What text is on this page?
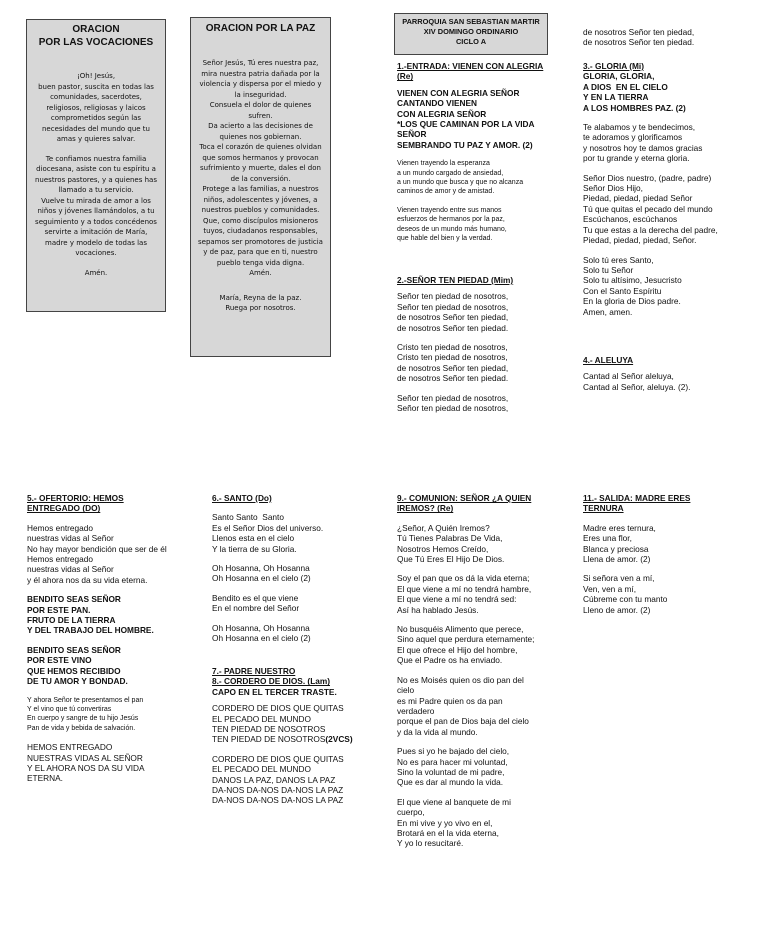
ORACION
POR LAS VOCACIONES
¡Oh! Jesús,
buen pastor, suscita en todas las
comunidades, sacerdotes,
religiosos, religiosas y laicos
comprometidos según las
necesidades del mundo que tu
amas y quieres salvar.
Te confiamos nuestra familia
diocesana, asiste con tu espíritu a
nuestros pastores, y a quienes has
llamado a tu servicio.
Vuelve tu mirada de amor a los
niños y jóvenes llamándolos, a tu
seguimiento y a todos concédenos
servirte a imitación de María,
madre y modelo de todas las
vocaciones.
Amén.
ORACION POR LA PAZ
Señor Jesús, Tú eres nuestra paz,
mira nuestra patria dañada por la
violencia y dispersa por el miedo y
la inseguridad.
Consuela el dolor de quienes
sufren.
Da acierto a las decisiones de
quienes nos gobiernan.
Toca el corazón de quienes olvidan
que somos hermanos y provocan
sufrimiento y muerte, dales el don
de la conversión.
Protege a las familias, a nuestros
niños, adolescentes y jóvenes, a
nuestros pueblos y comunidades.
Que, como discípulos misioneros
tuyos, ciudadanos responsables,
sepamos ser promotores de justicia
y de paz, para que en ti, nuestro
pueblo tenga vida digna.
Amén.
María, Reyna de la paz.
Ruega por nosotros.
PARROQUIA SAN SEBASTIAN MARTIR
XIV DOMINGO ORDINARIO
CICLO A
1.-ENTRADA: VIENEN CON ALEGRIA
(Re)
VIENEN CON ALEGRIA SEÑOR
CANTANDO VIENEN
CON ALEGRIA SEÑOR
*LOS QUE CAMINAN POR LA VIDA
SEÑOR
SEMBRANDO TU PAZ Y AMOR. (2)
Vienen trayendo la esperanza
a un mundo cargado de ansiedad,
a un mundo que busca y que no alcanza
caminos de amor y de amistad.
Vienen trayendo entre sus manos
esfuerzos de hermanos por la paz,
deseos de un mundo más humano,
que hable del bien y la verdad.
2.-SEÑOR TEN PIEDAD (Mim)
Señor ten piedad de nosotros,
Señor ten piedad de nosotros,
de nosotros Señor ten piedad,
de nosotros Señor ten piedad.
Cristo ten piedad de nosotros,
Cristo ten piedad de nosotros,
de nosotros Señor ten piedad,
de nosotros Señor ten piedad.
Señor ten piedad de nosotros,
Señor ten piedad de nosotros,
de nosotros Señor ten piedad,
de nosotros Señor ten piedad.
3.- GLORIA (Mi)
GLORIA, GLORIA,
A DIOS  EN EL CIELO
Y EN LA TIERRA
A LOS HOMBRES PAZ. (2)
Te alabamos y te bendecimos,
te adoramos y glorificamos
y nosotros hoy te damos gracias
por tu grande y eterna gloria.
Señor Dios nuestro, (padre, padre)
Señor Dios Hijo,
Piedad, piedad, piedad Señor
Tú que quitas el pecado del mundo
Escúchanos, escúchanos
Tu que estas a la derecha del padre,
Piedad, piedad, piedad, Señor.
Solo tú eres Santo,
Solo tu Señor
Solo tu altísimo, Jesucristo
Con el Santo Espíritu
En la gloria de Dios padre.
Amen, amen.
4.- ALELUYA
Cantad al Señor aleluya,
Cantad al Señor, aleluya. (2).
5.- OFERTORIO: HEMOS
ENTREGADO (DO)
Hemos entregado
nuestras vidas al Señor
No hay mayor bendición que ser de él
Hemos entregado
nuestras vidas al Señor
y él ahora nos da su vida eterna.
BENDITO SEAS SEÑOR
POR ESTE PAN.
FRUTO DE LA TIERRA
Y DEL TRABAJO DEL HOMBRE.
BENDITO SEAS SEÑOR
POR ESTE VINO
QUE HEMOS RECIBIDO
DE TU AMOR Y BONDAD.
Y ahora Señor te presentamos el pan
Y el vino que tú convertiras
En cuerpo y sangre de tu hijo Jesús
Pan de vida y bebida de salvación.
HEMOS ENTREGADO
NUESTRAS VIDAS AL SEÑOR
Y EL AHORA NOS DA SU VIDA
ETERNA.
6.- SANTO (Do)
Santo Santo  Santo
Es el Señor Dios del universo.
Llenos esta en el cielo
Y la tierra de su Gloria.
Oh Hosanna, Oh Hosanna
Oh Hosanna en el cielo (2)
Bendito es el que viene
En el nombre del Señor
Oh Hosanna, Oh Hosanna
Oh Hosanna en el cielo (2)
7.- PADRE NUESTRO
8.- CORDERO DE DIOS. (Lam)
CAPO EN EL TERCER TRASTE.
CORDERO DE DIOS QUE QUITAS
EL PECADO DEL MUNDO
TEN PIEDAD DE NOSOTROS
TEN PIEDAD DE NOSOTROS(2VCS)
CORDERO DE DIOS QUE QUITAS
EL PECADO DEL MUNDO
DANOS LA PAZ, DANOS LA PAZ
DA-NOS DA-NOS DA-NOS LA PAZ
DA-NOS DA-NOS DA-NOS LA PAZ
9.- COMUNION: SEÑOR ¿A QUIEN
IREMOS? (Re)
¿Señor, A Quién Iremos?
Tú Tienes Palabras De Vida,
Nosotros Hemos Creído,
Que Tú Eres El Hijo De Dios.
Soy el pan que os dá la vida eterna;
El que viene a mí no tendrá hambre,
El que viene a mí no tendrá sed:
Así ha hablado Jesús.
No busquéis Alimento que perece,
Sino aquel que perdura eternamente;
El que ofrece el Hijo del hombre,
Que el Padre os ha enviado.
No es Moisés quien os dio pan del
cielo
es mi Padre quien os da pan
verdadero
porque el pan de Dios baja del cielo
y da la vida al mundo.
Pues si yo he bajado del cielo,
No es para hacer mi voluntad,
Sino la voluntad de mi padre,
Que es dar al mundo la vida.
El que viene al banquete de mi
cuerpo,
En mi vive y yo vivo en el,
Brotará en el la vida eterna,
Y yo lo resucitaré.
11.- SALIDA: MADRE ERES
TERNURA
Madre eres ternura,
Eres una flor,
Blanca y preciosa
Llena de amor. (2)
Si señora ven a mí,
Ven, ven a mí,
Cúbreme con tu manto
Lleno de amor. (2)
